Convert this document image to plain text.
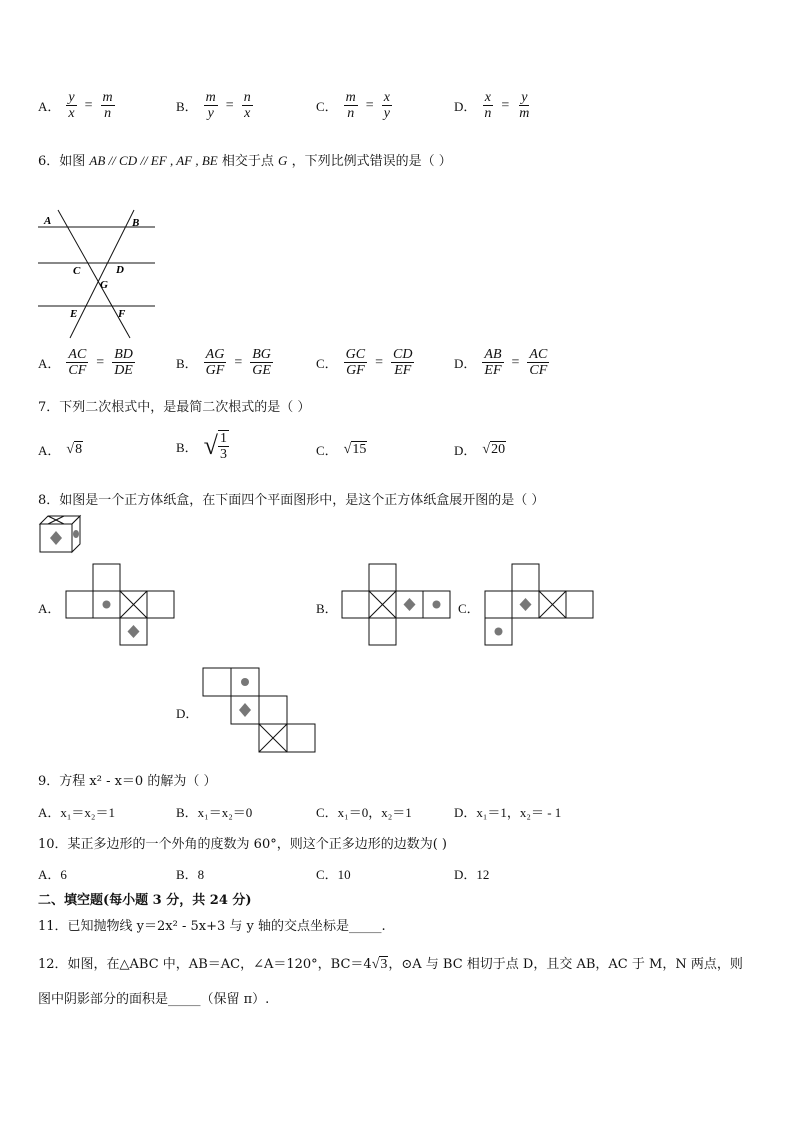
A． $\frac{y}{x} = \frac{m}{n}$	B． $\frac{m}{y} = \frac{n}{x}$	C． $\frac{m}{n} = \frac{x}{y}$	D． $\frac{x}{n} = \frac{y}{m}$
6．如图 AB // CD // EF , AF , BE 相交于点 G ，下列比例式错误的是（ ）
A	B
C	D
G
E	F
A． $\frac{AC}{CF} = \frac{BD}{DE}$	B． $\frac{AG}{GF} = \frac{BG}{GE}$	C． $\frac{GC}{GF} = \frac{CD}{EF}$	D． $\frac{AB}{EF} = \frac{AC}{CF}$
7．下列二次根式中，是最简二次根式的是（ ）
A． √ 8	B． √ $\frac{1}{3}$	C． √ 15	D． √ 20
8．如图是一个正方体纸盒，在下面四个平面图形中，是这个正方体纸盒展开图的是（ ）
A．	B．	C．
D．
9．方程 x² - x＝0 的解为（ ）
A．x₁＝x₂＝1	B．x₁＝x₂＝0	C．x₁＝0，x₂＝1	D．x₁＝1，x₂＝ - 1
10．某正多边形的一个外角的度数为 60°，则这个正多边形的边数为( )
A．6	B．8	C．10	D．12
二、填空题(每小题 3 分，共 24 分)
11．已知抛物线 y＝2x² - 5x+3 与 y 轴的交点坐标是_____.
12．如图，在△ABC 中，AB＝AC，∠A＝120°，BC＝4 √ 3 ，⊙A 与 BC 相切于点 D，且交 AB，AC 于 M，N 两点，则
图中阴影部分的面积是_____（保留 π）.
